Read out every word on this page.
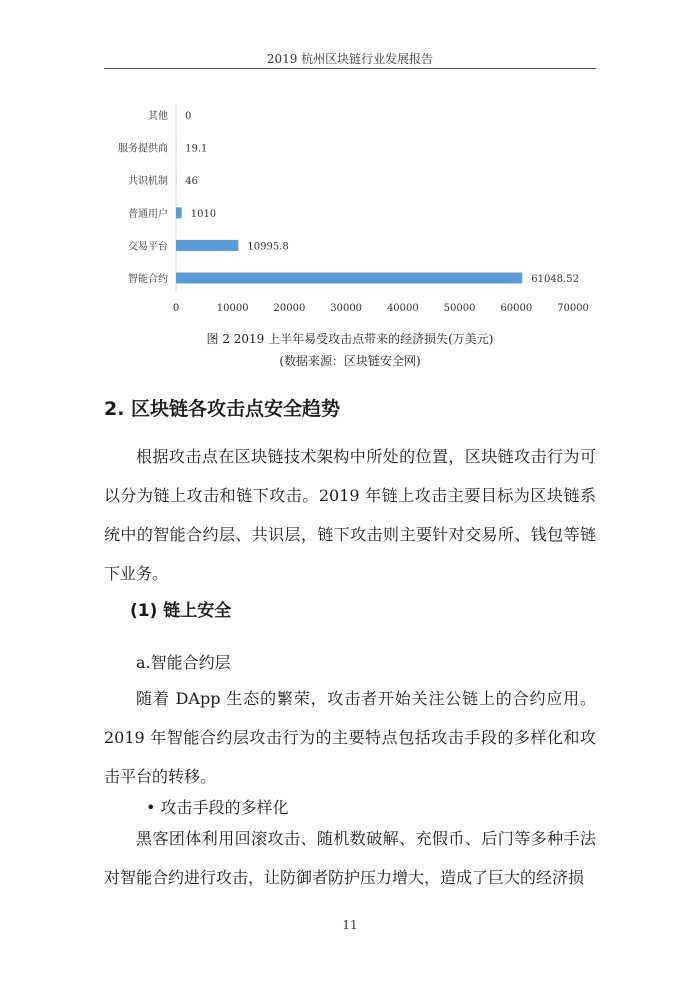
2019 杭州区块链行业发展报告
其他 0
服务提供商 19.1
共识机制 46
普通用户 1010
交易平台	10995.8
智能合约	61048.52
0	10000 20000 30000 40000 50000 60000 70000
图 2 2019 上半年易受攻击点带来的经济损失(万美元)
(数据来源：区块链安全网)
2. 区块链各攻击点安全趋势

根据攻击点在区块链技术架构中所处的位置，区块链攻击行为可以分为链上攻击和链下攻击。2019 年链上攻击主要目标为区块链系统中的智能合约层、共识层，链下攻击则主要针对交易所、钱包等链下业务。

(1) 链上安全
a.智能合约层

随着 DApp 生态的繁荣，攻击者开始关注公链上的合约应用。2019 年智能合约层攻击行为的主要特点包括攻击手段的多样化和攻击平台的转移。

• 攻击手段的多样化

黑客团体利用回滚攻击、随机数破解、充假币、后门等多种手法对智能合约进行攻击，让防御者防护压力增大，造成了巨大的经济损

11
